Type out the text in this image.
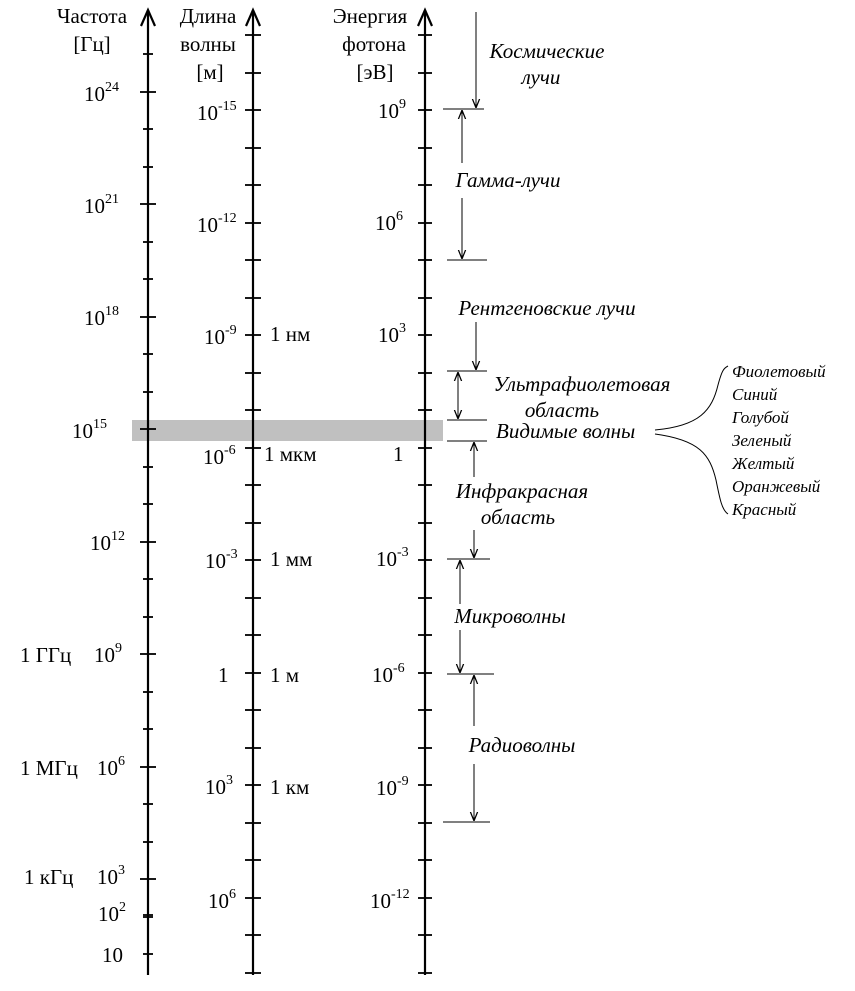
Частота
[Гц]
Длина
волны
[м]
Энергия
фотона
[эВ]
$10^{24}$
$10^{21}$
$10^{18}$
$10^{15}$
$10^{12}$
1 ГГц $10^9$
1 МГц $10^6$
1 кГц $10^3$
$10^2$
10
$10^{-15}$
$10^{-12}$
$10^{-9}$ 1 нм
$10^{-6}$ 1 мкм
$10^{-3}$ 1 мм
1 1 м
$10^3$ 1 км
$10^6$
$10^9$
$10^6$
$10^3$
1
$10^{-3}$
$10^{-6}$
$10^{-9}$
$10^{-12}$
Космические
лучи
Гамма-лучи
Рентгеновские лучи
Ультрафиолетовая
область
Видимые волны
Инфракрасная
область
Микроволны
Радиоволны
Фиолетовый
Синий
Голубой
Зеленый
Желтый
Оранжевый
Красный
